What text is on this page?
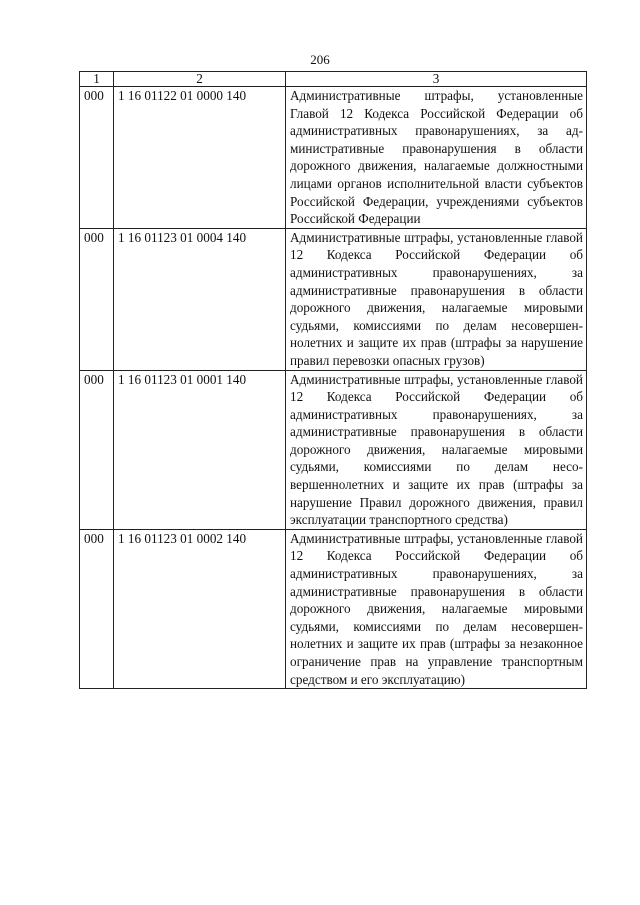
206
1	2	3
000	1 16 01122 01 0000 140	Административные штрафы, установленные Главой 12 Кодекса Российской Федерации об административных правонарушениях, за административные правонарушения в области дорожного движения, налагаемые должностными лицами органов исполнительной власти субъектов Российской Федерации, учреждениями субъектов Российской Федерации
000	1 16 01123 01 0004 140	Административные штрафы, установленные главой 12 Кодекса Российской Федерации об административных правонарушениях, за административные правонарушения в области дорожного движения, налагаемые мировыми судьями, комиссиями по делам несовершеннолетних и защите их прав (штрафы за нарушение правил перевозки опасных грузов)
000	1 16 01123 01 0001 140	Административные штрафы, установленные главой 12 Кодекса Российской Федерации об административных правонарушениях, за административные правонарушения в области дорожного движения, налагаемые мировыми судьями, комиссиями по делам несовершеннолетних и защите их прав (штрафы за нарушение Правил дорожного движения, правил эксплуатации транспортного средства)
000	1 16 01123 01 0002 140	Административные штрафы, установленные главой 12 Кодекса Российской Федерации об административных правонарушениях, за административные правонарушения в области дорожного движения, налагаемые мировыми судьями, комиссиями по делам несовершеннолетних и защите их прав (штрафы за незаконное ограничение прав на управление транспортным средством и его эксплуатацию)
